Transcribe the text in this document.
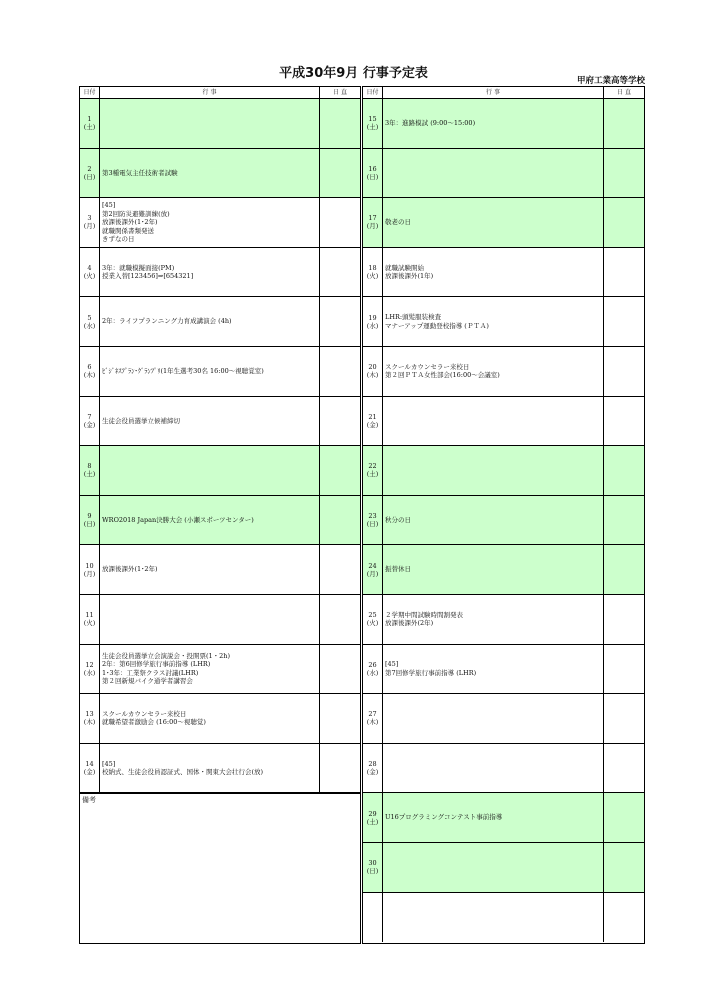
平成30年9月 行事予定表	甲府工業高等学校
日付	行 事	日 直
1
(土)
2
(日)
第3種電気主任技術者試験
3
(月)
[45]
第2回防災避難訓練(放)
放課後課外(1･2年)
就職関係書類発送
きずなの日
4
(火)
3年：就職模擬面接(PM)
授業入替[123456]⇒[654321]
5
(水)
2年：ライフプランニング力育成講演会 (4h)
6
(木)
ﾋﾞｼﾞﾈｽﾌﾟﾗﾝ･ｸﾞﾗﾝﾌﾟﾘ(1年生選考30名 16:00～視聴覚室)
7
(金)
生徒会役員選挙立候補締切
8
(土)
9
(日)
WRO2018 Japan決勝大会 (小瀬スポーツセンター)
10
(月)
放課後課外(1･2年)
11
(火)
12
(水)
生徒会役員選挙立会演説会・投開票(1・2h)
2年：第6回修学旅行事前指導 (LHR)
1･3年：工業祭クラス討議(LHR)
第２回新規バイク通学者講習会
13
(木)
スクールカウンセラー来校日
就職希望者激励会 (16:00～視聴覚)
14
(金)
[45]
校納式、生徒会役員認証式、国体・関東大会壮行会(放)
備考
日付	行 事	日 直
15
(土)
3年：進路模試 (9:00～15:00)
16
(日)
17
(月)
敬老の日
18
(火)
就職試験開始
放課後課外(1年)
19
(水)
LHR:頭髪服装検査
マナーアップ運動登校指導 (ＰＴＡ)
20
(木)
スクールカウンセラー来校日
第２回ＰＴＡ女性部会(16:00～会議室)
21
(金)
22
(土)
23
(日)
秋分の日
24
(月)
振替休日
25
(火)
２学期中間試験時間割発表
放課後課外(2年)
26
(水)
[45]
第7回修学旅行事前指導 (LHR)
27
(木)
28
(金)
29
(土)
U16プログラミングコンテスト事前指導
30
(日)
